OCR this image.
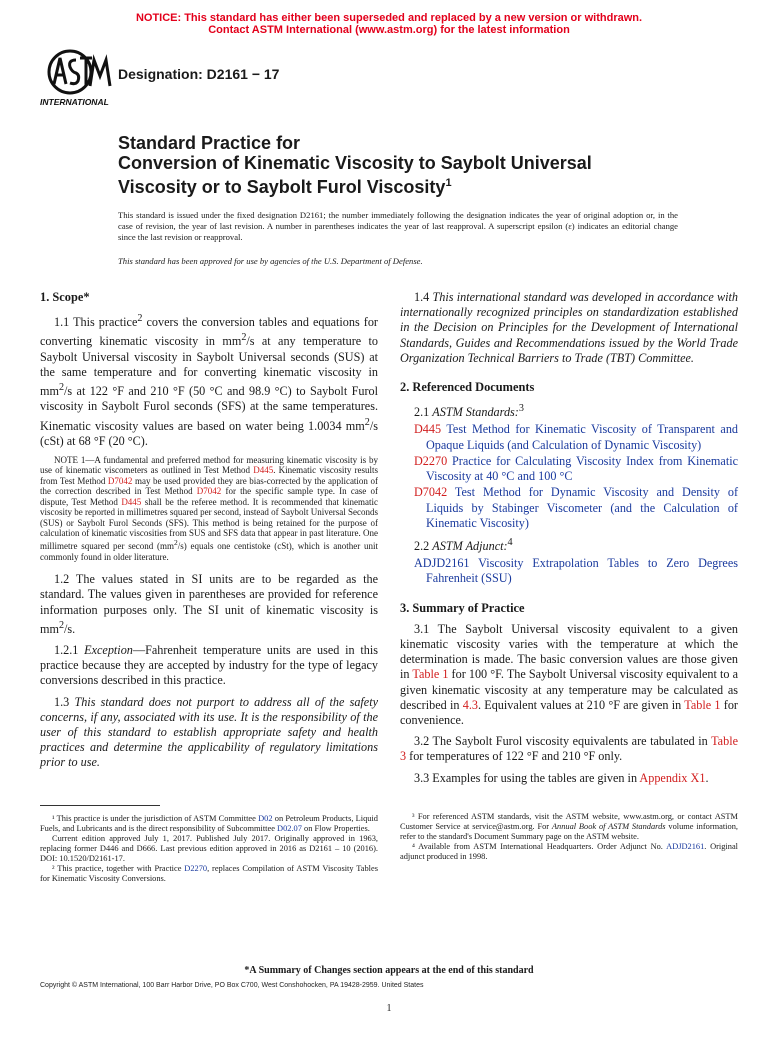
NOTICE: This standard has either been superseded and replaced by a new version or withdrawn.
Contact ASTM International (www.astm.org) for the latest information
INTERNATIONAL
Designation: D2161 − 17
Standard Practice for
Conversion of Kinematic Viscosity to Saybolt Universal
Viscosity or to Saybolt Furol Viscosity$^1$
This standard is issued under the fixed designation D2161; the number immediately following the designation indicates the year of original adoption or, in the case of revision, the year of last revision. A number in parentheses indicates the year of last reapproval. A superscript epsilon (ε) indicates an editorial change since the last revision or reapproval.
This standard has been approved for use by agencies of the U.S. Department of Defense.
1. Scope*

1.1 This practice$^2$ covers the conversion tables and equations for converting kinematic viscosity in $mm^2/s$ at any temperature to Saybolt Universal viscosity in Saybolt Universal seconds (SUS) at the same temperature and for converting kinematic viscosity in $mm^2/s$ at 122 °F and 210 °F (50 °C and 98.9 °C) to Saybolt Furol viscosity in Saybolt Furol seconds (SFS) at the same temperatures. Kinematic viscosity values are based on water being 1.0034 $mm^2/s$ (cSt) at 68 °F (20 °C).

NOTE 1—A fundamental and preferred method for measuring kinematic viscosity is by use of kinematic viscometers as outlined in Test Method D445. Kinematic viscosity results from Test Method D7042 may be used provided they are bias-corrected by the application of the correction described in Test Method D7042 for the specific sample type. In case of dispute, Test Method D445 shall be the referee method. It is recommended that kinematic viscosity be reported in millimetres squared per second, instead of Saybolt Universal Seconds (SUS) or Saybolt Furol Seconds (SFS). This method is being retained for the purpose of calculation of kinematic viscosities from SUS and SFS data that appear in past literature. One millimetre squared per second $(mm^2/s)$ equals one centistoke (cSt), which is another unit commonly found in older literature.

1.2 The values stated in SI units are to be regarded as the standard. The values given in parentheses are provided for reference information purposes only. The SI unit of kinematic viscosity is $mm^2/s$.

1.2.1 Exception—Fahrenheit temperature units are used in this practice because they are accepted by industry for the type of legacy conversions described in this practice.

1.3 This standard does not purport to address all of the safety concerns, if any, associated with its use. It is the responsibility of the user of this standard to establish appropriate safety and health practices and determine the applicability of regulatory limitations prior to use.

¹ This practice is under the jurisdiction of ASTM Committee D02 on Petroleum Products, Liquid Fuels, and Lubricants and is the direct responsibility of Subcommittee D02.07 on Flow Properties.

Current edition approved July 1, 2017. Published July 2017. Originally approved in 1963, replacing former D446 and D666. Last previous edition approved in 2016 as D2161 – 10 (2016). DOI: 10.1520/D2161-17.

² This practice, together with Practice D2270, replaces Compilation of ASTM Viscosity Tables for Kinematic Viscosity Conversions.

1.4 This international standard was developed in accordance with internationally recognized principles on standardization established in the Decision on Principles for the Development of International Standards, Guides and Recommendations issued by the World Trade Organization Technical Barriers to Trade (TBT) Committee.

2. Referenced Documents

2.1 ASTM Standards:$^3$

D445 Test Method for Kinematic Viscosity of Transparent and Opaque Liquids (and Calculation of Dynamic Viscosity)

D2270 Practice for Calculating Viscosity Index from Kinematic Viscosity at 40 °C and 100 °C

D7042 Test Method for Dynamic Viscosity and Density of Liquids by Stabinger Viscometer (and the Calculation of Kinematic Viscosity)

2.2 ASTM Adjunct:$^4$

ADJD2161 Viscosity Extrapolation Tables to Zero Degrees Fahrenheit (SSU)

3. Summary of Practice

3.1 The Saybolt Universal viscosity equivalent to a given kinematic viscosity varies with the temperature at which the determination is made. The basic conversion values are those given in Table 1 for 100 °F. The Saybolt Universal viscosity equivalent to a given kinematic viscosity at any temperature may be calculated as described in 4.3. Equivalent values at 210 °F are given in Table 1 for convenience.

3.2 The Saybolt Furol viscosity equivalents are tabulated in Table 3 for temperatures of 122 °F and 210 °F only.

3.3 Examples for using the tables are given in Appendix X1.

³ For referenced ASTM standards, visit the ASTM website, www.astm.org, or contact ASTM Customer Service at service@astm.org. For Annual Book of ASTM Standards volume information, refer to the standard's Document Summary page on the ASTM website.

⁴ Available from ASTM International Headquarters. Order Adjunct No. ADJD2161. Original adjunct produced in 1998.

*A Summary of Changes section appears at the end of this standard
Copyright © ASTM International, 100 Barr Harbor Drive, PO Box C700, West Conshohocken, PA 19428-2959. United States
1
